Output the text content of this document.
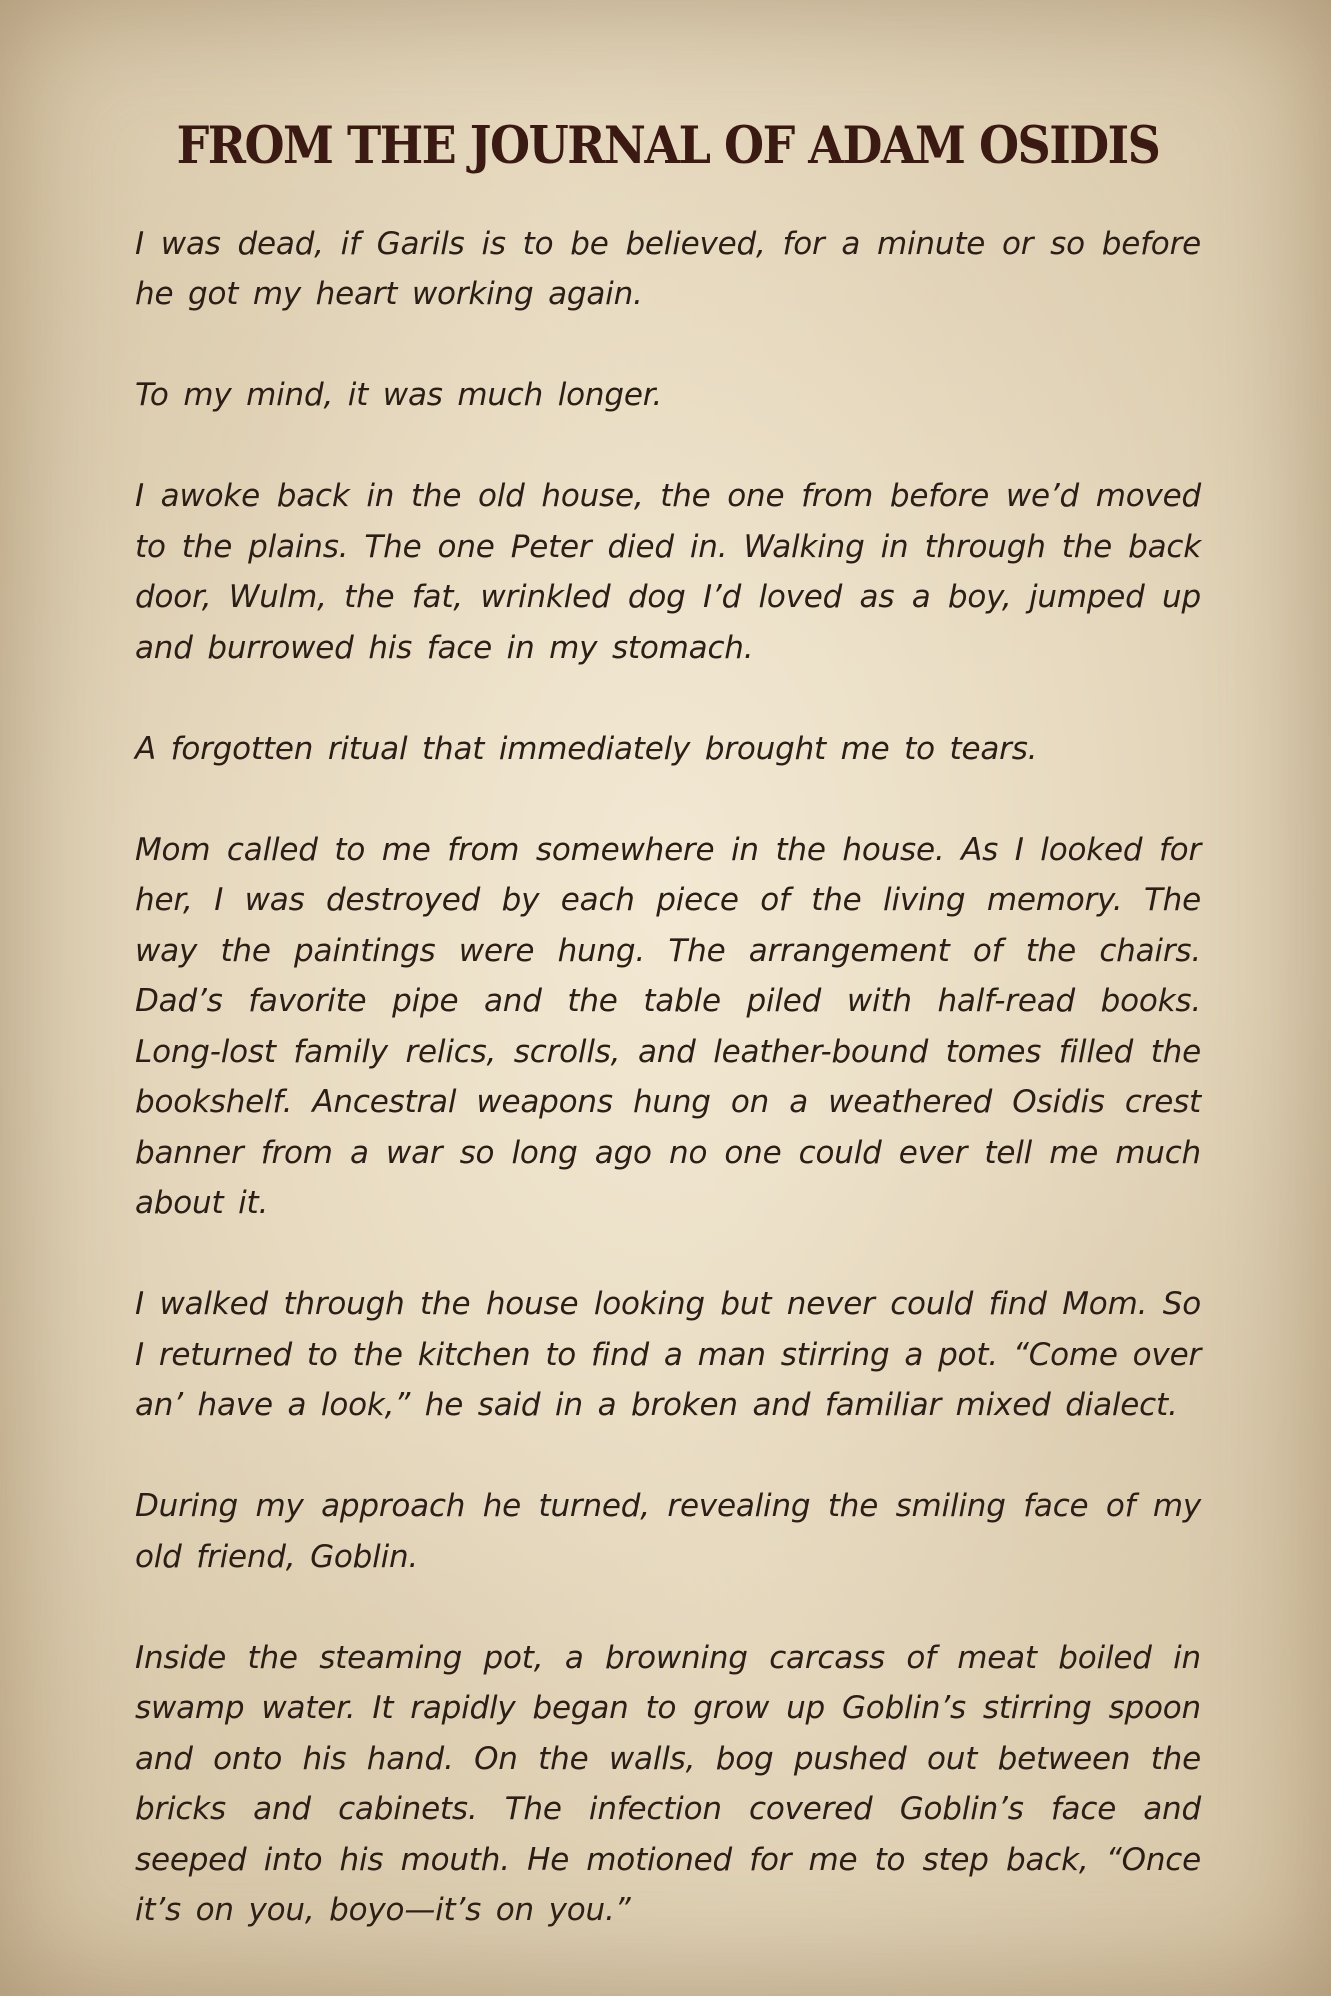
FROM THE JOURNAL OF ADAM OSIDIS

I was dead, if Garils is to be believed, for a minute or so before he got my heart working again.

To my mind, it was much longer.

I awoke back in the old house, the one from before we’d moved to the plains. The one Peter died in. Walking in through the back door, Wulm, the fat, wrinkled dog I’d loved as a boy, jumped up and burrowed his face in my stomach.

A forgotten ritual that immediately brought me to tears.

Mom called to me from somewhere in the house. As I looked for her, I was destroyed by each piece of the living memory. The way the paintings were hung. The arrangement of the chairs. Dad’s favorite pipe and the table piled with half-read books. Long-lost family relics, scrolls, and leather-bound tomes filled the bookshelf. Ancestral weapons hung on a weathered Osidis crest banner from a war so long ago no one could ever tell me much about it.

I walked through the house looking but never could find Mom. So I returned to the kitchen to find a man stirring a pot. “Come over an’ have a look,” he said in a broken and familiar mixed dialect.

During my approach he turned, revealing the smiling face of my old friend, Goblin.

Inside the steaming pot, a browning carcass of meat boiled in swamp water. It rapidly began to grow up Goblin’s stirring spoon and onto his hand. On the walls, bog pushed out between the bricks and cabinets. The infection covered Goblin’s face and seeped into his mouth. He motioned for me to step back, “Once it’s on you, boyo—it’s on you.”
